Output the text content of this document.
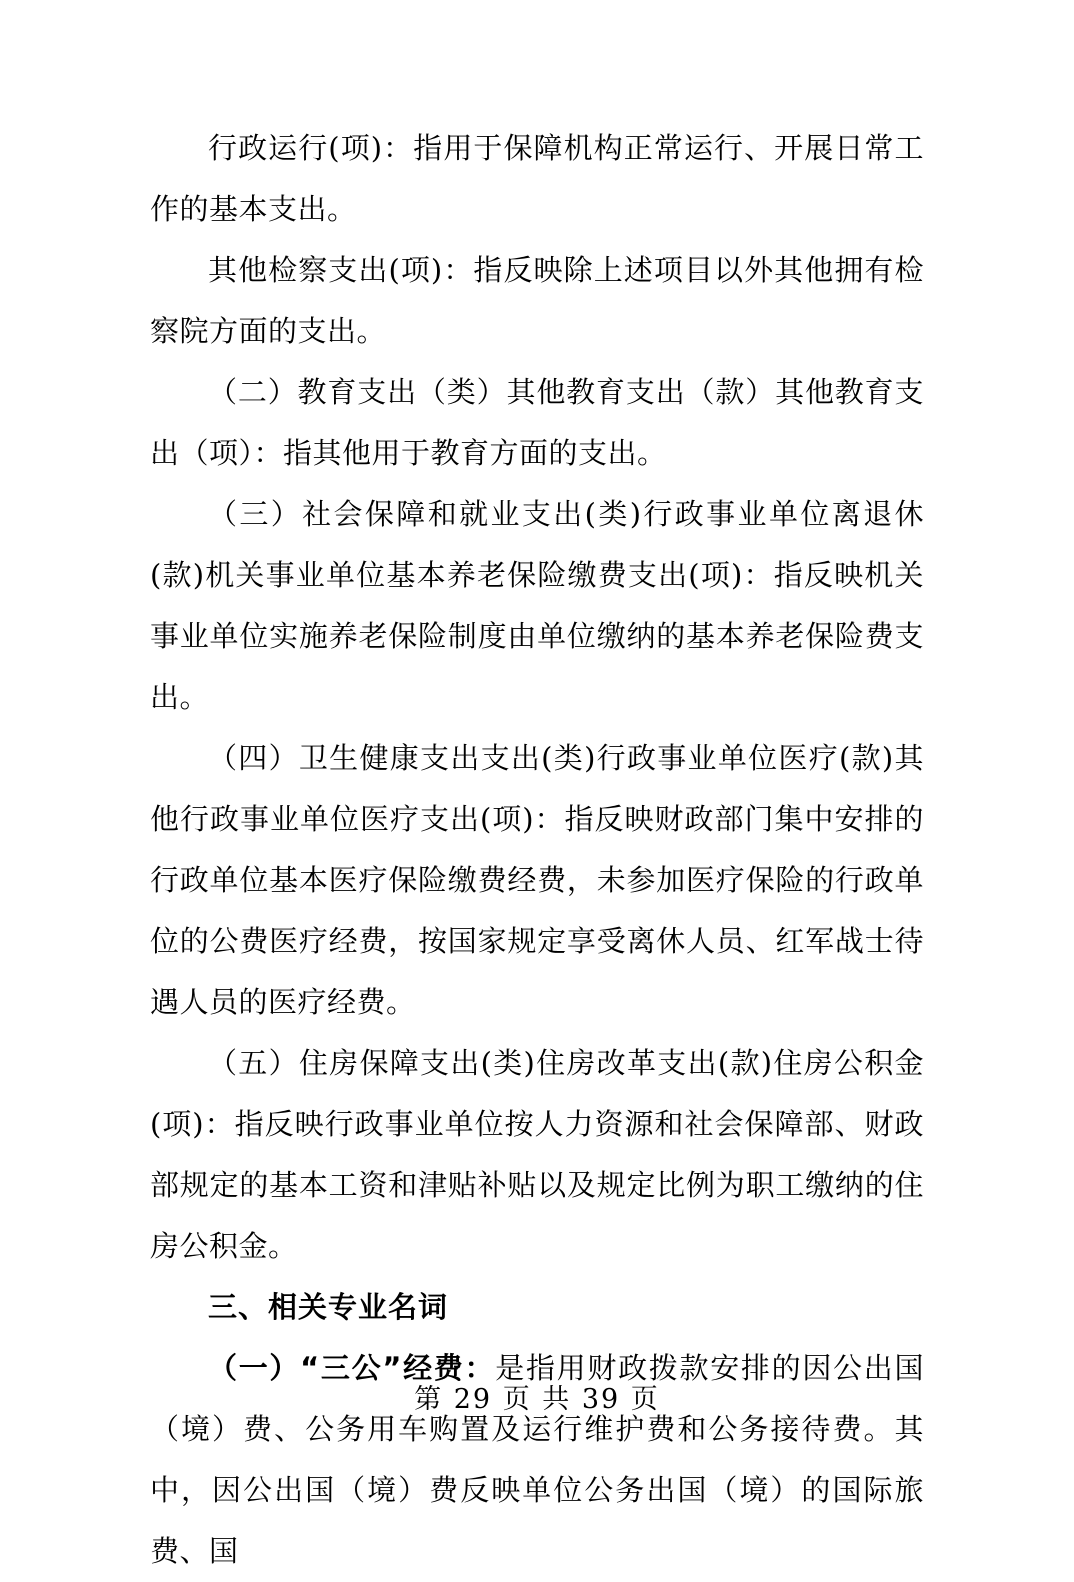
行政运行(项)：指用于保障机构正常运行、开展日常工作的基本支出。

其他检察支出(项)：指反映除上述项目以外其他拥有检察院方面的支出。

（二）教育支出（类）其他教育支出（款）其他教育支出（项）：指其他用于教育方面的支出。

（三）社会保障和就业支出(类)行政事业单位离退休(款)机关事业单位基本养老保险缴费支出(项)：指反映机关事业单位实施养老保险制度由单位缴纳的基本养老保险费支出。

（四）卫生健康支出支出(类)行政事业单位医疗(款)其他行政事业单位医疗支出(项)：指反映财政部门集中安排的行政单位基本医疗保险缴费经费，未参加医疗保险的行政单位的公费医疗经费，按国家规定享受离休人员、红军战士待遇人员的医疗经费。

（五）住房保障支出(类)住房改革支出(款)住房公积金(项)：指反映行政事业单位按人力资源和社会保障部、财政部规定的基本工资和津贴补贴以及规定比例为职工缴纳的住房公积金。

三、相关专业名词

（一）“三公”经费：是指用财政拨款安排的因公出国（境）费、公务用车购置及运行维护费和公务接待费。其中，因公出国（境）费反映单位公务出国（境）的国际旅费、国

第 29 页 共 39 页
